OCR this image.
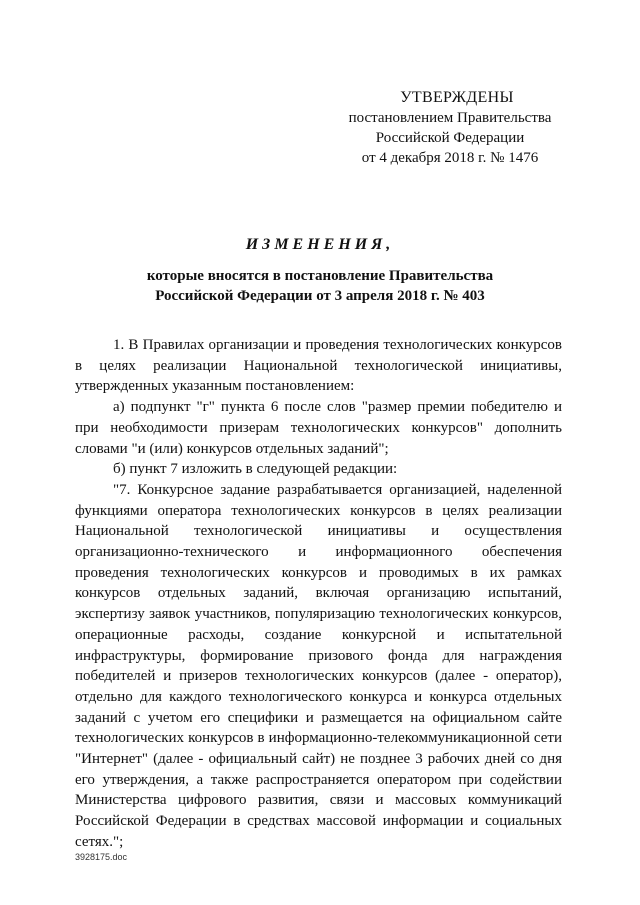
УТВЕРЖДЕНЫ
постановлением Правительства
Российской Федерации
от 4 декабря 2018 г. № 1476
ИЗМЕНЕНИЯ,
которые вносятся в постановление Правительства
Российской Федерации от 3 апреля 2018 г. № 403

1. В Правилах организации и проведения технологических конкурсов в целях реализации Национальной технологической инициативы, утвержденных указанным постановлением:

а) подпункт "г" пункта 6 после слов "размер премии победителю и при необходимости призерам технологических конкурсов" дополнить словами "и (или) конкурсов отдельных заданий";

б) пункт 7 изложить в следующей редакции:

"7. Конкурсное задание разрабатывается организацией, наделенной функциями оператора технологических конкурсов в целях реализации Национальной технологической инициативы и осуществления организационно-технического и информационного обеспечения проведения технологических конкурсов и проводимых в их рамках конкурсов отдельных заданий, включая организацию испытаний, экспертизу заявок участников, популяризацию технологических конкурсов, операционные расходы, создание конкурсной и испытательной инфраструктуры, формирование призового фонда для награждения победителей и призеров технологических конкурсов (далее - оператор), отдельно для каждого технологического конкурса и конкурса отдельных заданий с учетом его специфики и размещается на официальном сайте технологических конкурсов в информационно-телекоммуникационной сети "Интернет" (далее - официальный сайт) не позднее 3 рабочих дней со дня его утверждения, а также распространяется оператором при содействии Министерства цифрового развития, связи и массовых коммуникаций Российской Федерации в средствах массовой информации и социальных сетях.";

3928175.doc
